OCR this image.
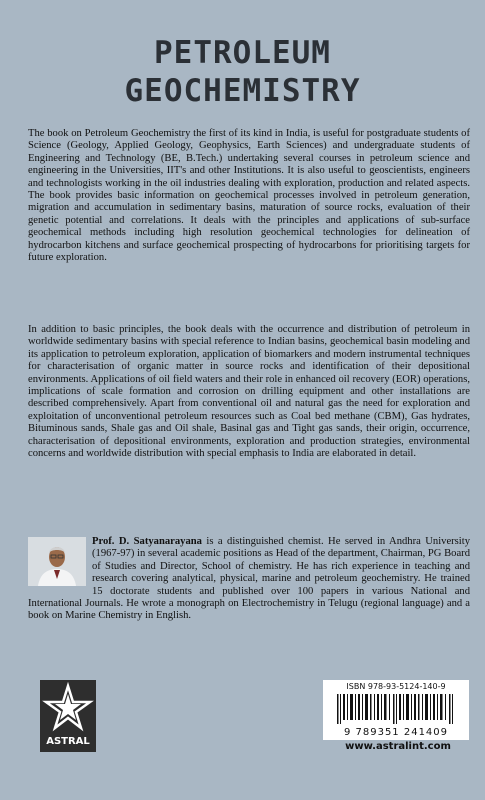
PETROLEUM
GEOCHEMISTRY

The book on Petroleum Geochemistry the first of its kind in India, is useful for postgraduate students of Science (Geology, Applied Geology, Geophysics, Earth Sciences) and undergraduate students of Engineering and Technology (BE, B.Tech.) undertaking several courses in petroleum science and engineering in the Universities, IIT's and other Institutions. It is also useful to geoscientists, engineers and technologists working in the oil industries dealing with exploration, production and related aspects. The book provides basic information on geochemical processes involved in petroleum generation, migration and accumulation in sedimentary basins, maturation of source rocks, evaluation of their genetic potential and correlations. It deals with the principles and applications of sub-surface geochemical methods including high resolution geochemical technologies for delineation of hydrocarbon kitchens and surface geochemical prospecting of hydrocarbons for prioritising targets for future exploration.

In addition to basic principles, the book deals with the occurrence and distribution of petroleum in worldwide sedimentary basins with special reference to Indian basins, geochemical basin modeling and its application to petroleum exploration, application of biomarkers and modern instrumental techniques for characterisation of organic matter in source rocks and identification of their depositional environments. Applications of oil field waters and their role in enhanced oil recovery (EOR) operations, implications of scale formation and corrosion on drilling equipment and other installations are described comprehensively. Apart from conventional oil and natural gas the need for exploration and exploitation of unconventional petroleum resources such as Coal bed methane (CBM), Gas hydrates, Bituminous sands, Shale gas and Oil shale, Basinal gas and Tight gas sands, their origin, occurrence, characterisation of depositional environments, exploration and production strategies, environmental concerns and worldwide distribution with special emphasis to India are elaborated in detail.

Prof. D. Satyanarayana is a distinguished chemist. He served in Andhra University (1967-97) in several academic positions as Head of the department, Chairman, PG Board of Studies and Director, School of chemistry. He has rich experience in teaching and research covering analytical, physical, marine and petroleum geochemistry. He trained 15 doctorate students and published over 100 papers in various National and International Journals. He wrote a monograph on Electrochemistry in Telugu (regional language) and a book on Marine Chemistry in English.

ASTRAL
ISBN 978-93-5124-140-9
9 789351 241409
www.astralint.com
